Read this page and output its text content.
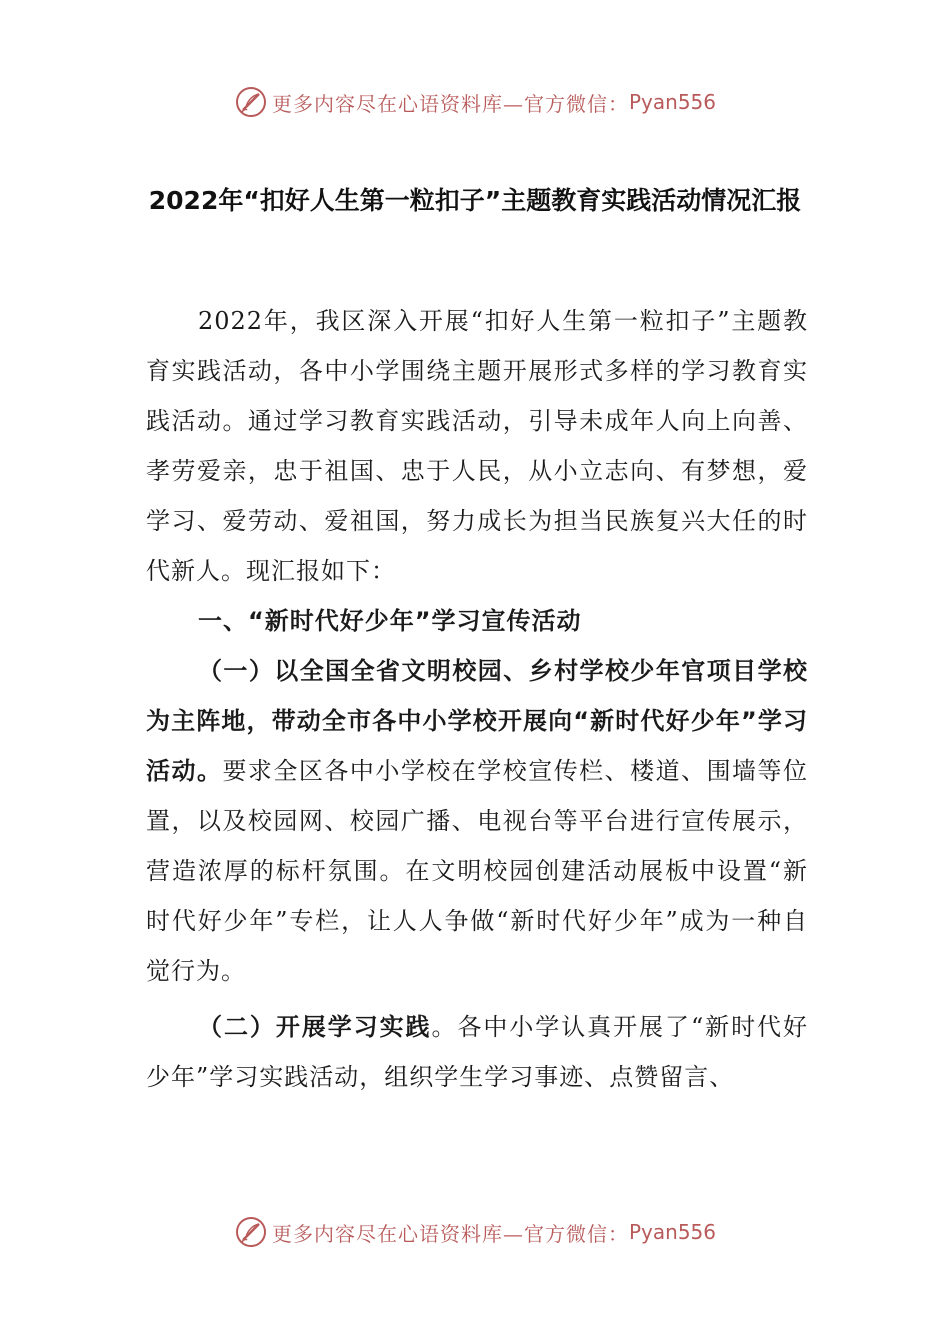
更多内容尽在心语资料库—官方微信： Pyan556
2022年“扣好人生第一粒扣子”主题教育实践活动情况汇报

2022年，我区深入开展“扣好人生第一粒扣子”主题教育实践活动，各中小学围绕主题开展形式多样的学习教育实践活动。通过学习教育实践活动，引导未成年人向上向善、孝劳爱亲，忠于祖国、忠于人民，从小立志向、有梦想，爱学习、爱劳动、爱祖国，努力成长为担当民族复兴大任的时代新人。现汇报如下：

一、“新时代好少年”学习宣传活动

（一）以全国全省文明校园、乡村学校少年官项目学校为主阵地，带动全市各中小学校开展向“新时代好少年”学习活动。要求全区各中小学校在学校宣传栏、楼道、围墙等位置，以及校园网、校园广播、电视台等平台进行宣传展示，营造浓厚的标杆氛围。在文明校园创建活动展板中设置“新时代好少年”专栏，让人人争做“新时代好少年”成为一种自觉行为。

（二）开展学习实践。各中小学认真开展了“新时代好少年”学习实践活动，组织学生学习事迹、点赞留言、

更多内容尽在心语资料库—官方微信： Pyan556
